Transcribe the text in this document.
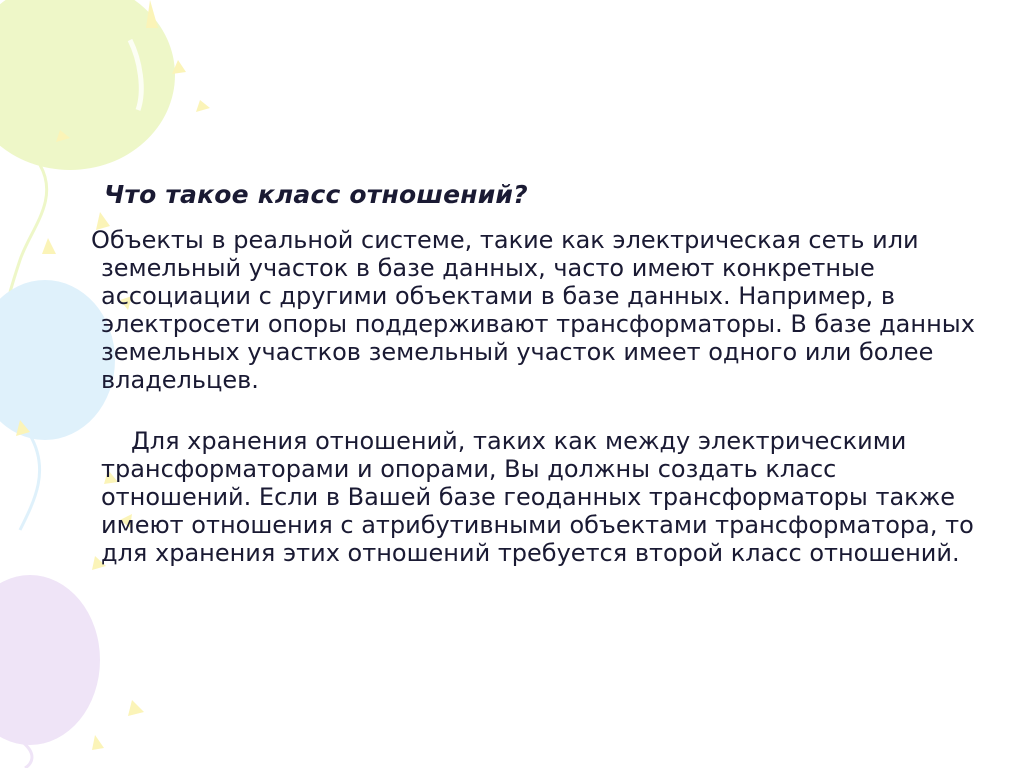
Что такое класс отношений?

Объекты в реальной системе, такие как электрическая сеть или земельный участок в базе данных, часто имеют конкретные ассоциации с другими объектами в базе данных. Например, в электросети опоры поддерживают трансформаторы. В базе данных земельных участков земельный участок имеет одного или более владельцев.

Для хранения отношений, таких как между электрическими трансформаторами и опорами, Вы должны создать класс отношений. Если в Вашей базе геоданных трансформаторы также имеют отношения с атрибутивными объектами трансформатора, то для хранения этих отношений требуется второй класс отношений.
